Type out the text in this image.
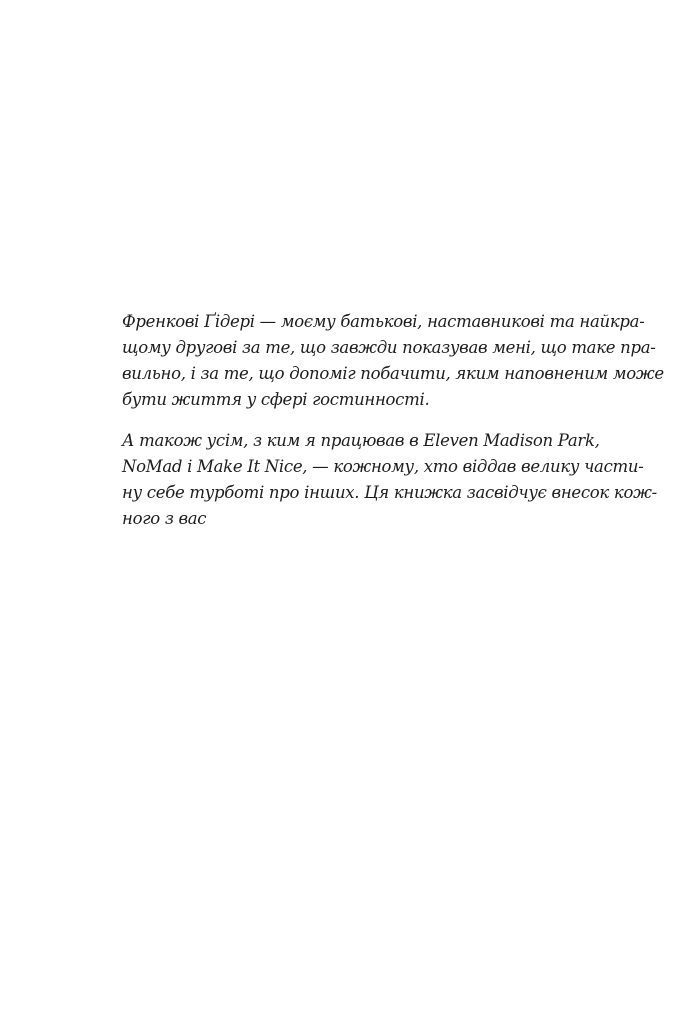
Френкові Ґідері — моєму батькові, наставникові та найкра-
щому другові за те, що завжди показував мені, що таке пра-
вильно, і за те, що допоміг побачити, яким наповненим може
бути життя у сфері гостинності.
А також усім, з ким я працював в Eleven Madison Park,
NoMad і Make It Nice, — кожному, хто віддав велику части-
ну себе турботі про інших. Ця книжка засвідчує внесок кож-
ного з вас
